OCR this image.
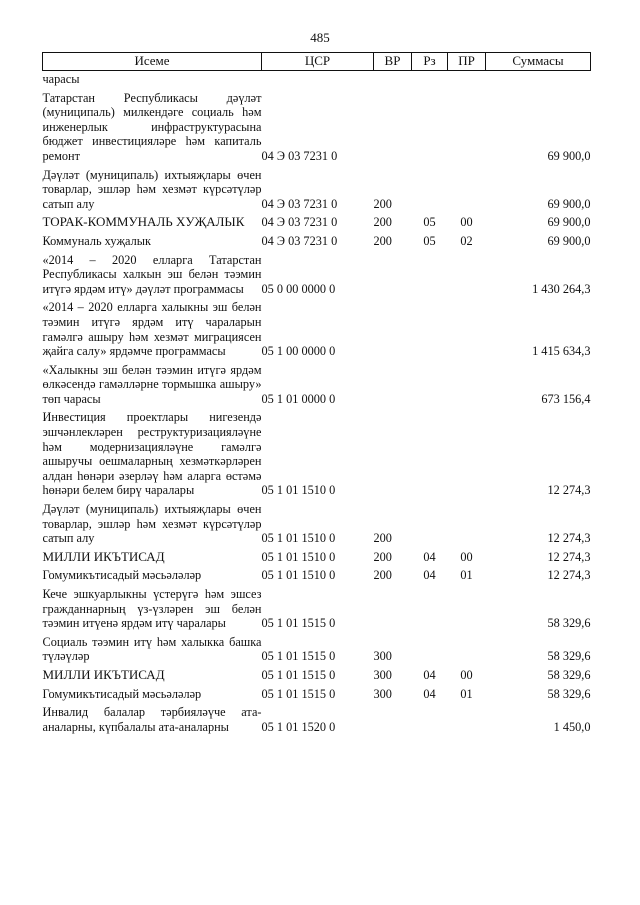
485
Исеме	ЦСР	ВР	Рз	ПР	Суммасы
чарасы					
Татарстан Республикасы дәүләт (муниципаль) милкендәге социаль һәм инженерлык инфраструктурасына бюджет инвестицияләре һәм капиталь ремонт	04 Э 03 7231 0				69 900,0
Дәүләт (муниципаль) ихтыяҗлары өчен товарлар, эшләр һәм хезмәт күрсәтүләр сатып алу	04 Э 03 7231 0	200			69 900,0
ТОРАК-КОММУНАЛЬ ХУҖАЛЫК	04 Э 03 7231 0	200	05	00	69 900,0
Коммуналь хуҗалык	04 Э 03 7231 0	200	05	02	69 900,0
«2014 – 2020 елларга Татарстан Республикасы халкын эш белән тәэмин итүгә ярдәм итү» дәүләт программасы	05 0 00 0000 0				1 430 264,3
«2014 – 2020 елларга халыкны эш белән тәэмин итүгә ярдәм итү чараларын гамәлгә ашыру һәм хезмәт миграциясен җайга салу» ярдәмче программасы	05 1 00 0000 0				1 415 634,3
«Халыкны эш белән тәэмин итүгә ярдәм өлкәсендә гамәлләрне тормышка ашыру» төп чарасы	05 1 01 0000 0				673 156,4
Инвестиция проектлары нигезендә эшчәнлекләрен реструктуризацияләүне һәм модернизацияләүне гамәлгә ашыручы оешмаларның хезмәткәрләрен алдан һөнәри әзерләү һәм аларга өстәмә һөнәри белем бирү чаралары	05 1 01 1510 0				12 274,3
Дәүләт (муниципаль) ихтыяҗлары өчен товарлар, эшләр һәм хезмәт күрсәтүләр сатып алу	05 1 01 1510 0	200			12 274,3
МИЛЛИ ИКЪТИСАД	05 1 01 1510 0	200	04	00	12 274,3
Гомумикътисадый мәсьәләләр	05 1 01 1510 0	200	04	01	12 274,3
Кече эшкуарлыкны үстерүгә һәм эшсез гражданнарның үз-үзләрен эш белән тәэмин итүенә ярдәм итү чаралары	05 1 01 1515 0				58 329,6
Социаль тәэмин итү һәм халыкка башка түләүләр	05 1 01 1515 0	300			58 329,6
МИЛЛИ ИКЪТИСАД	05 1 01 1515 0	300	04	00	58 329,6
Гомумикътисадый мәсьәләләр	05 1 01 1515 0	300	04	01	58 329,6
Инвалид балалар тәрбияләүче ата-аналарны, күпбалалы ата-аналарны	05 1 01 1520 0				1 450,0
